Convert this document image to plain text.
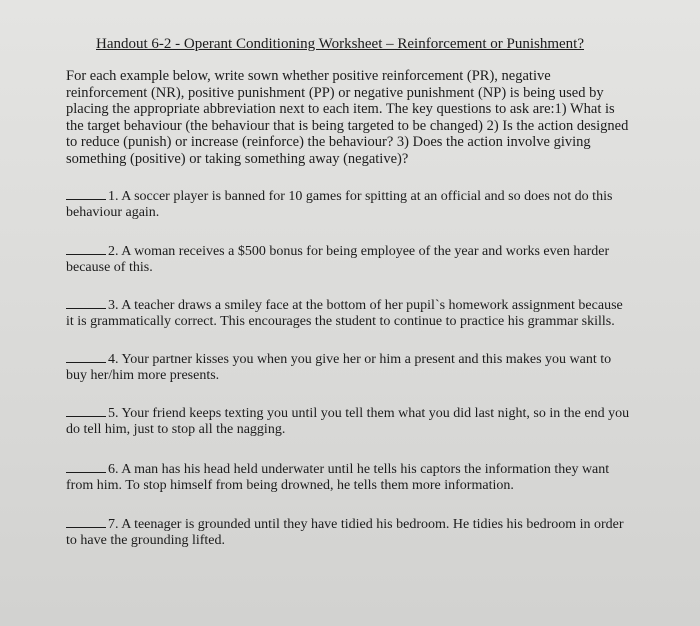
Handout 6-2 - Operant Conditioning Worksheet – Reinforcement or Punishment?
For each example below, write sown whether positive reinforcement (PR), negative reinforcement (NR), positive punishment (PP) or negative punishment (NP) is being used by placing the appropriate abbreviation next to each item. The key questions to ask are:1) What is the target behaviour (the behaviour that is being targeted to be changed) 2) Is the action designed to reduce (punish) or increase (reinforce) the behaviour? 3) Does the action involve giving something (positive) or taking something away (negative)?
1. A soccer player is banned for 10 games for spitting at an official and so does not do this behaviour again.
2. A woman receives a $500 bonus for being employee of the year and works even harder because of this.
3. A teacher draws a smiley face at the bottom of her pupil`s homework assignment because it is grammatically correct. This encourages the student to continue to practice his grammar skills.
4. Your partner kisses you when you give her or him a present and this makes you want to buy her/him more presents.
5. Your friend keeps texting you until you tell them what you did last night, so in the end you do tell him, just to stop all the nagging.
6. A man has his head held underwater until he tells his captors the information they want from him. To stop himself from being drowned, he tells them more information.
7. A teenager is grounded until they have tidied his bedroom. He tidies his bedroom in order to have the grounding lifted.
